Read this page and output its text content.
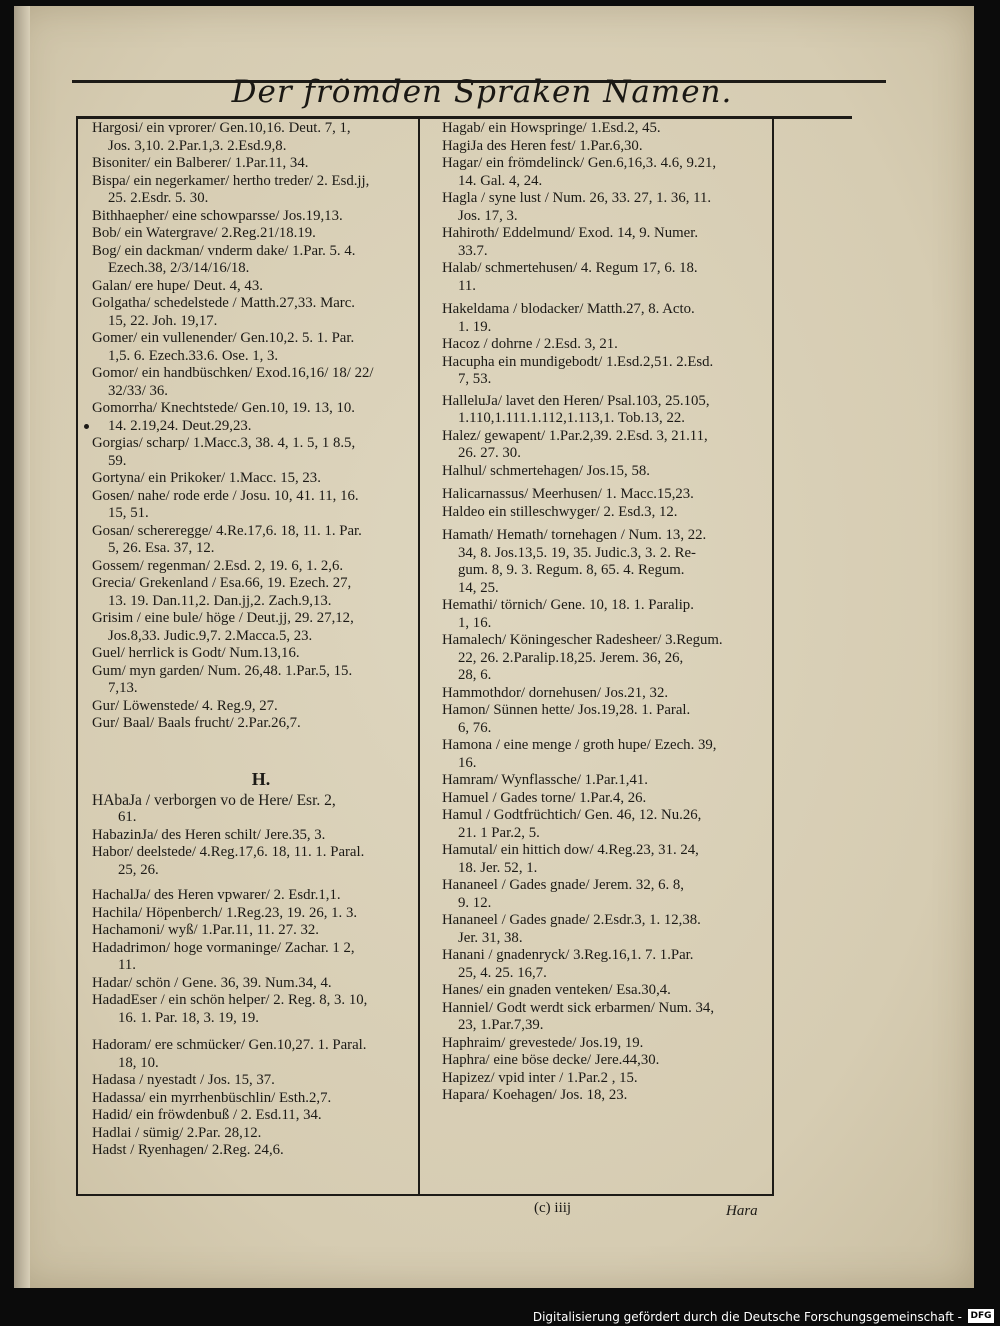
Der frömden Spraken Namen.
Hargosi/ ein vprorer/ Gen.10,16. Deut. 7, 1,
Jos. 3,10. 2.Par.1,3. 2.Esd.9,8.
Bisoniter/ ein Balberer/ 1.Par.11, 34.
Bispa/ ein negerkamer/ hertho treder/ 2. Esd.jj,
25. 2.Esdr. 5. 30.
Bithhaepher/ eine schowparsse/ Jos.19,13.
Bob/ ein Watergrave/ 2.Reg.21/18.19.
Bog/ ein dackman/ vnderm dake/ 1.Par. 5. 4.
Ezech.38, 2/3/14/16/18.
Galan/ ere hupe/ Deut. 4, 43.
Golgatha/ schedelstede / Matth.27,33. Marc.
15, 22. Joh. 19,17.
Gomer/ ein vullenender/ Gen.10,2. 5. 1. Par.
1,5. 6. Ezech.33.6. Ose. 1, 3.
Gomor/ ein handbüschken/ Exod.16,16/ 18/ 22/
32/33/ 36.
Gomorrha/ Knechtstede/ Gen.10, 19. 13, 10.
14. 2.19,24. Deut.29,23.
Gorgias/ scharp/ 1.Macc.3, 38. 4, 1. 5, 1 8.5,
59.
Gortyna/ ein Prikoker/ 1.Macc. 15, 23.
Gosen/ nahe/ rode erde / Josu. 10, 41. 11, 16.
15, 51.
Gosan/ schereregge/ 4.Re.17,6. 18, 11. 1. Par.
5, 26. Esa. 37, 12.
Gossem/ regenman/ 2.Esd. 2, 19. 6, 1. 2,6.
Grecia/ Grekenland / Esa.66, 19. Ezech. 27,
13. 19. Dan.11,2. Dan.jj,2. Zach.9,13.
Grisim / eine bule/ höge / Deut.jj, 29. 27,12,
Jos.8,33. Judic.9,7. 2.Macca.5, 23.
Guel/ herrlick is Godt/ Num.13,16.
Gum/ myn garden/ Num. 26,48. 1.Par.5, 15.
7,13.
Gur/ Löwenstede/ 4. Reg.9, 27.
Gur/ Baal/ Baals frucht/ 2.Par.26,7.
H.
HAbaJa / verborgen vo de Here/ Esr. 2,
61.
HabazinJa/ des Heren schilt/ Jere.35, 3.
Habor/ deelstede/ 4.Reg.17,6. 18, 11. 1. Paral.
25, 26.
HachalJa/ des Heren vpwarer/ 2. Esdr.1,1.
Hachila/ Höpenberch/ 1.Reg.23, 19. 26, 1. 3.
Hachamoni/ wyß/ 1.Par.11, 11. 27. 32.
Hadadrimon/ hoge vormaninge/ Zachar. 1 2,
11.
Hadar/ schön / Gene. 36, 39. Num.34, 4.
HadadEser / ein schön helper/ 2. Reg. 8, 3. 10,
16. 1. Par. 18, 3. 19, 19.
Hadoram/ ere schmücker/ Gen.10,27. 1. Paral.
18, 10.
Hadasa / nyestadt / Jos. 15, 37.
Hadassa/ ein myrrhenbüschlin/ Esth.2,7.
Hadid/ ein fröwdenbuß / 2. Esd.11, 34.
Hadlai / sümig/ 2.Par. 28,12.
Hadst / Ryenhagen/ 2.Reg. 24,6.
Hagab/ ein Howspringe/ 1.Esd.2, 45.
HagiJa des Heren fest/ 1.Par.6,30.
Hagar/ ein frömdelinck/ Gen.6,16,3. 4.6, 9.21,
14. Gal. 4, 24.
Hagla / syne lust / Num. 26, 33. 27, 1. 36, 11.
Jos. 17, 3.
Hahiroth/ Eddelmund/ Exod. 14, 9. Numer.
33.7.
Halab/ schmertehusen/ 4. Regum 17, 6. 18.
11.
Hakeldama / blodacker/ Matth.27, 8. Acto.
1. 19.
Hacoz / dohrne / 2.Esd. 3, 21.
Hacupha ein mundigebodt/ 1.Esd.2,51. 2.Esd.
7, 53.
HalleluJa/ lavet den Heren/ Psal.103, 25.105,
1.110,1.111.1.112,1.113,1. Tob.13, 22.
Halez/ gewapent/ 1.Par.2,39. 2.Esd. 3, 21.11,
26. 27. 30.
Halhul/ schmertehagen/ Jos.15, 58.
Halicarnassus/ Meerhusen/ 1. Macc.15,23.
Haldeo ein stilleschwyger/ 2. Esd.3, 12.
Hamath/ Hemath/ tornehagen / Num. 13, 22.
34, 8. Jos.13,5. 19, 35. Judic.3, 3. 2. Re-
gum. 8, 9. 3. Regum. 8, 65. 4. Regum.
14, 25.
Hemathi/ törnich/ Gene. 10, 18. 1. Paralip.
1, 16.
Hamalech/ Köningescher Radesheer/ 3.Regum.
22, 26. 2.Paralip.18,25. Jerem. 36, 26,
28, 6.
Hammothdor/ dornehusen/ Jos.21, 32.
Hamon/ Sünnen hette/ Jos.19,28. 1. Paral.
6, 76.
Hamona / eine menge / groth hupe/ Ezech. 39,
16.
Hamram/ Wynflassche/ 1.Par.1,41.
Hamuel / Gades torne/ 1.Par.4, 26.
Hamul / Godtfrüchtich/ Gen. 46, 12. Nu.26,
21. 1 Par.2, 5.
Hamutal/ ein hittich dow/ 4.Reg.23, 31. 24,
18. Jer. 52, 1.
Hananeel / Gades gnade/ Jerem. 32, 6. 8,
9. 12.
Hananeel / Gades gnade/ 2.Esdr.3, 1. 12,38.
Jer. 31, 38.
Hanani / gnadenryck/ 3.Reg.16,1. 7. 1.Par.
25, 4. 25. 16,7.
Hanes/ ein gnaden venteken/ Esa.30,4.
Hanniel/ Godt werdt sick erbarmen/ Num. 34,
23, 1.Par.7,39.
Haphraim/ grevestede/ Jos.19, 19.
Haphra/ eine böse decke/ Jere.44,30.
Hapizez/ vpid inter / 1.Par.2 , 15.
Hapara/ Koehagen/ Jos. 18, 23.
(c) iiij	Hara
Digitalisierung gefördert durch die Deutsche Forschungsgemeinschaft - DFG
